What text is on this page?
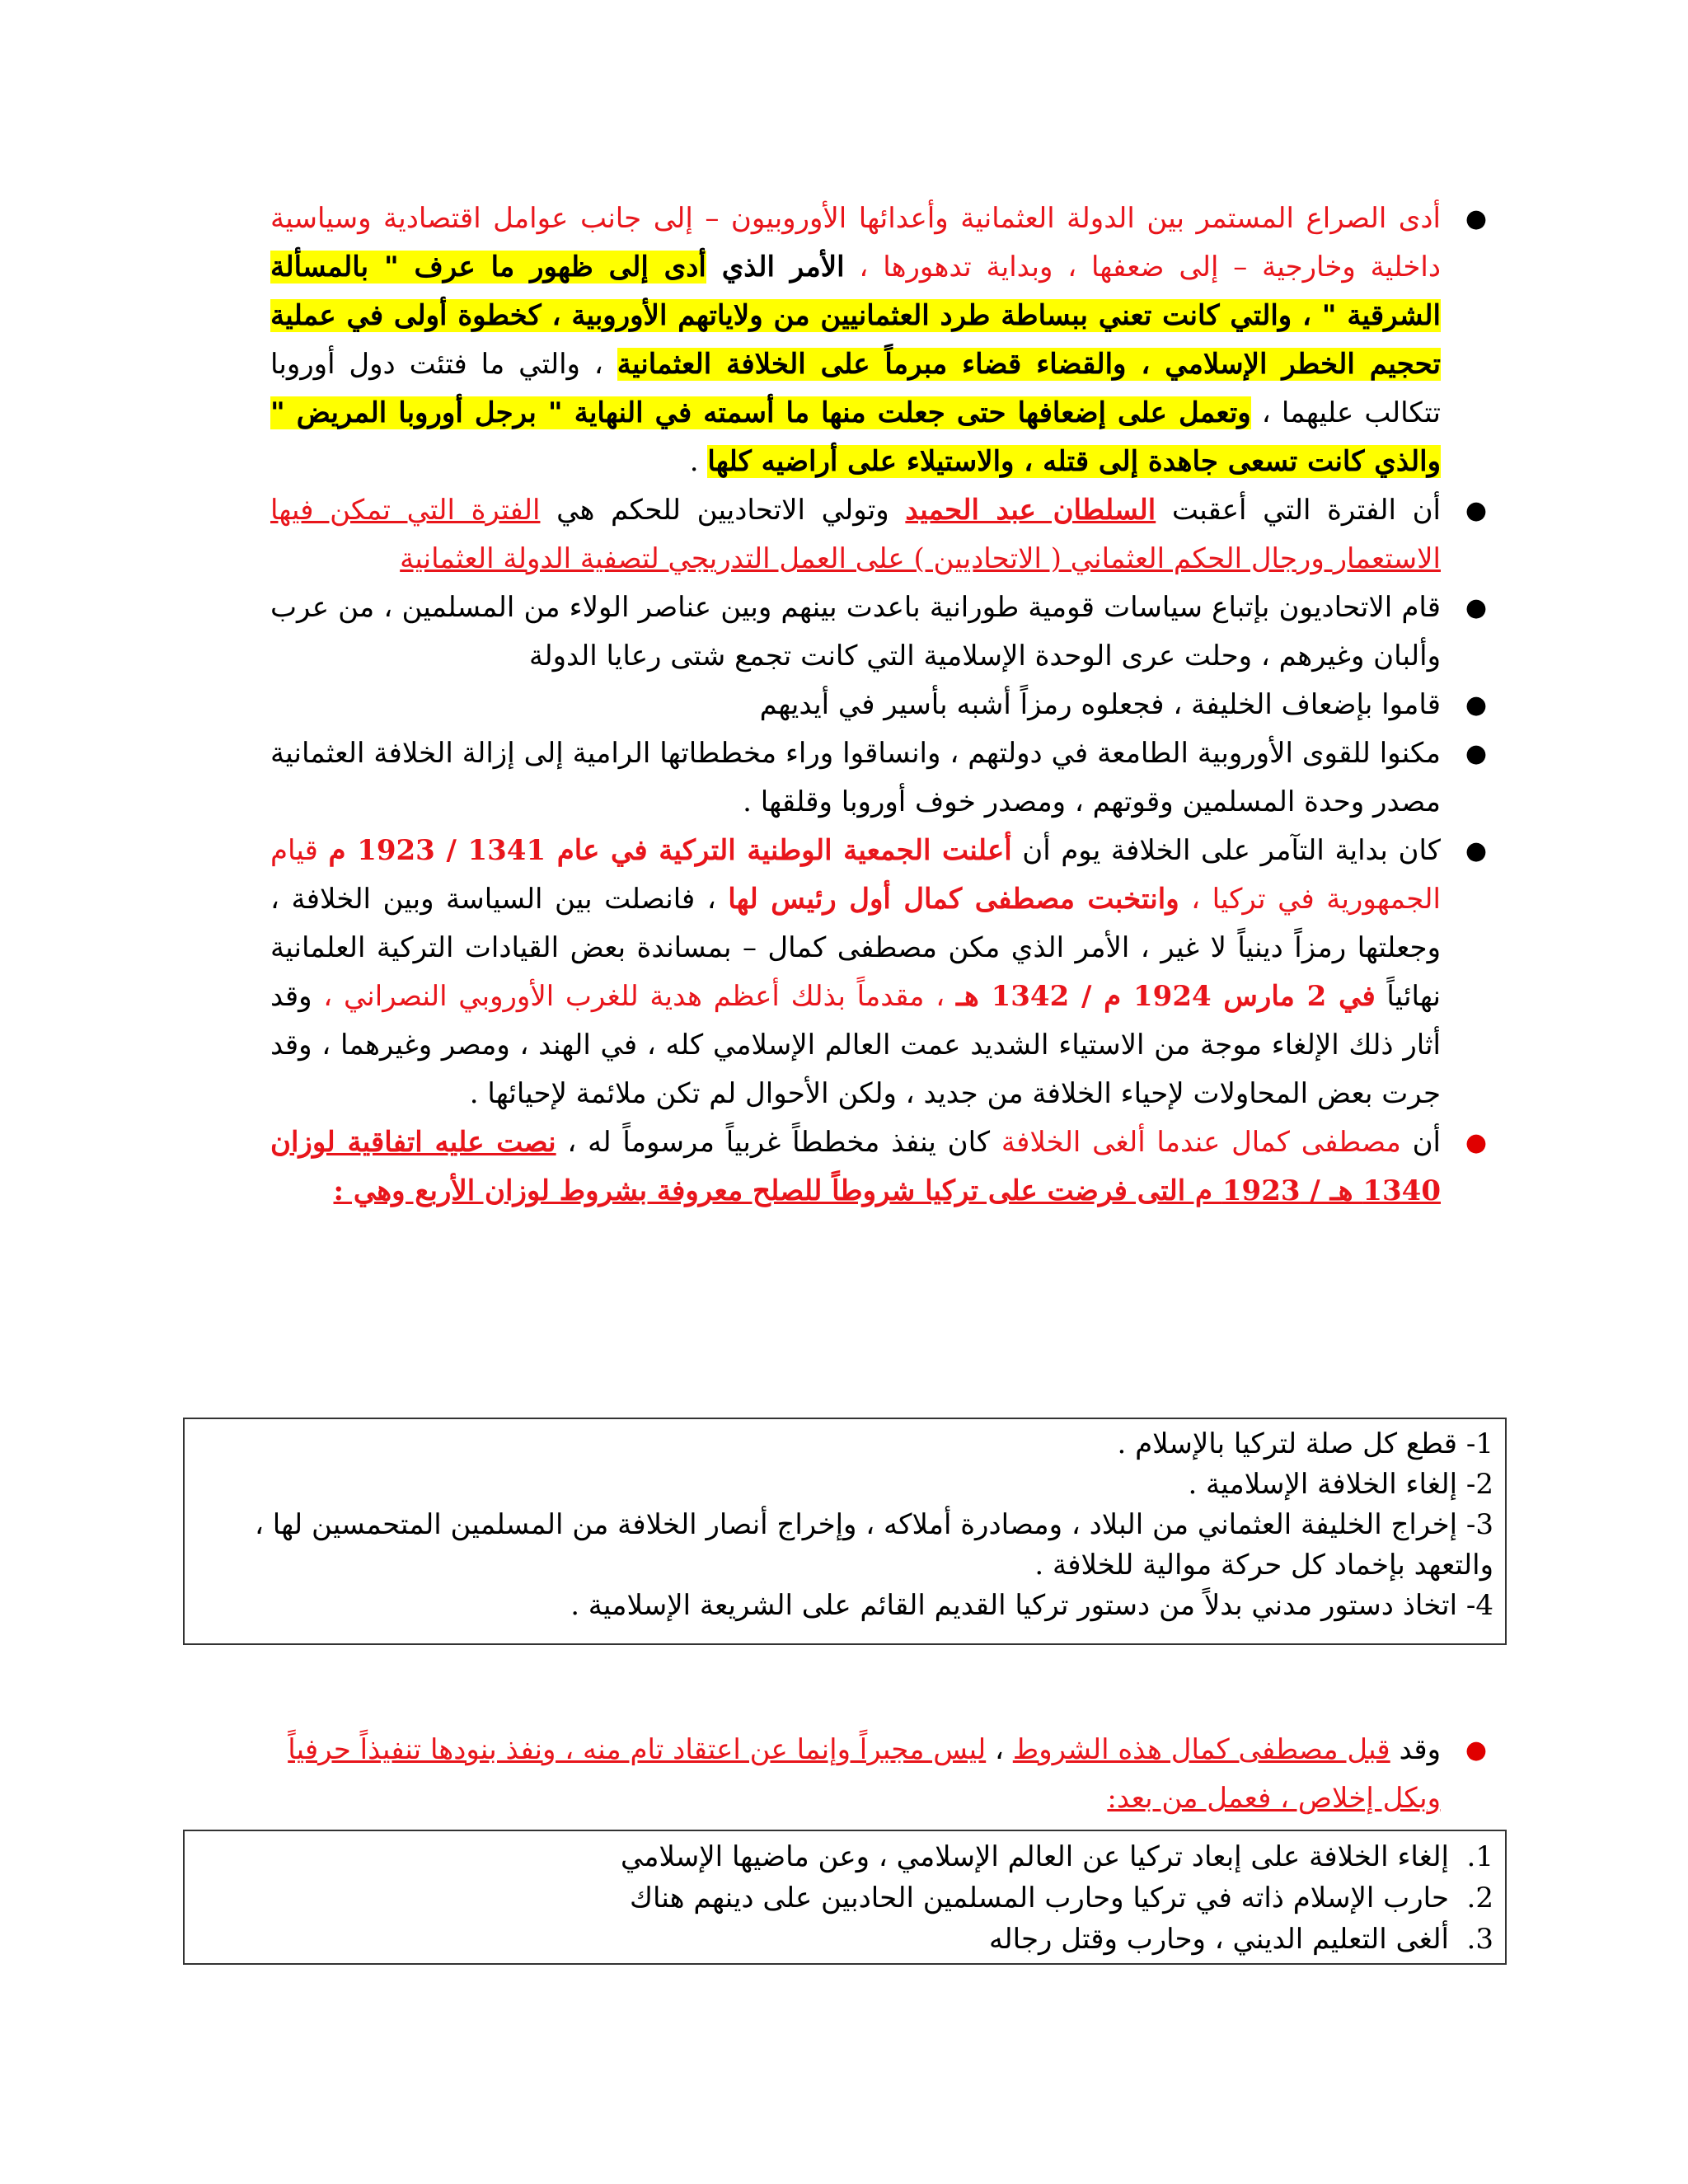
●
أدى الصراع المستمر بين الدولة العثمانية وأعدائها الأوروبيون – إلى جانب عوامل اقتصادية وسياسية داخلية وخارجية – إلى ضعفها ، وبداية تدهورها ، الأمر الذي أدى إلى ظهور ما عرف " بالمسألة الشرقية " ، والتي كانت تعني ببساطة طرد العثمانيين من ولاياتهم الأوروبية ، كخطوة أولى في عملية تحجيم الخطر الإسلامي ، والقضاء قضاء مبرماً على الخلافة العثمانية ، والتي ما فتئت دول أوروبا تتكالب عليهما ، وتعمل على إضعافها حتى جعلت منها ما أسمته في النهاية " برجل أوروبا المريض " والذي كانت تسعى جاهدة إلى قتله ، والاستيلاء على أراضيه كلها .
●
أن الفترة التي أعقبت السلطان عبد الحميد وتولي الاتحاديين للحكم هي الفترة التي تمكن فيها الاستعمار ورجال الحكم العثماني ( الاتحاديين ) على العمل التدريجي لتصفية الدولة العثمانية
●
قام الاتحاديون بإتباع سياسات قومية طورانية باعدت بينهم وبين عناصر الولاء من المسلمين ، من عرب وألبان وغيرهم ، وحلت عرى الوحدة الإسلامية التي كانت تجمع شتى رعايا الدولة
●
قاموا بإضعاف الخليفة ، فجعلوه رمزاً أشبه بأسير في أيديهم
●
مكنوا للقوى الأوروبية الطامعة في دولتهم ، وانساقوا وراء مخططاتها الرامية إلى إزالة الخلافة العثمانية مصدر وحدة المسلمين وقوتهم ، ومصدر خوف أوروبا وقلقها .
●
كان بداية التآمر على الخلافة يوم أن أعلنت الجمعية الوطنية التركية في عام 1341 / 1923 م قيام الجمهورية في تركيا ، وانتخبت مصطفى كمال أول رئيس لها ، فانصلت بين السياسة وبين الخلافة ، وجعلتها رمزاً دينياً لا غير ، الأمر الذي مكن مصطفى كمال – بمساندة بعض القيادات التركية العلمانية نهائياً في 2 مارس 1924 م / 1342 هـ ، مقدماً بذلك أعظم هدية للغرب الأوروبي النصراني ، وقد أثار ذلك الإلغاء موجة من الاستياء الشديد عمت العالم الإسلامي كله ، في الهند ، ومصر وغيرهما ، وقد جرت بعض المحاولات لإحياء الخلافة من جديد ، ولكن الأحوال لم تكن ملائمة لإحيائها .
●
أن مصطفى كمال عندما ألغى الخلافة كان ينفذ مخططاً غربياً مرسوماً له ، نصت عليه اتفاقية لوزان 1340 هـ / 1923 م التى فرضت على تركيا شروطاً للصلح معروفة بشروط لوزان الأربع وهي :

1- قطع كل صلة لتركيا بالإسلام .

2- إلغاء الخلافة الإسلامية .

3- إخراج الخليفة العثماني من البلاد ، ومصادرة أملاكه ، وإخراج أنصار الخلافة من المسلمين المتحمسين لها ، والتعهد بإخماد كل حركة موالية للخلافة .

4- اتخاذ دستور مدني بدلاً من دستور تركيا القديم القائم على الشريعة الإسلامية .

●
وقد قبل مصطفى كمال هذه الشروط ، ليس مجبراً وإنما عن اعتقاد تام منه ، ونفذ بنودها تنفيذاً حرفياً وبكل إخلاص ، فعمل من بعد:
1.
إلغاء الخلافة على إبعاد تركيا عن العالم الإسلامي ، وعن ماضيها الإسلامي
2.
حارب الإسلام ذاته في تركيا وحارب المسلمين الحادبين على دينهم هناك
3.
ألغى التعليم الديني ، وحارب وقتل رجاله
